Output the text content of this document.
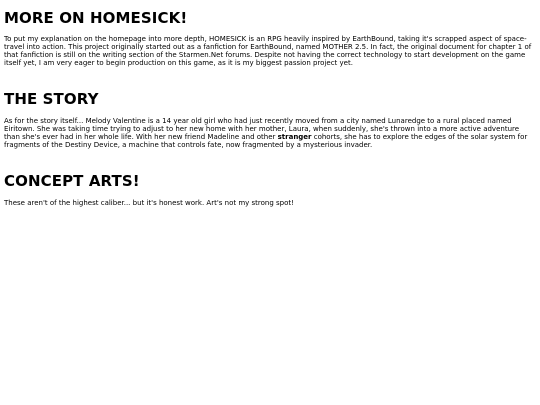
MORE ON HOMESICK!

To put my explanation on the homepage into more depth, HOMESICK is an RPG heavily inspired by EarthBound, taking it's scrapped aspect of space-travel into action. This project originally started out as a fanfiction for EarthBound, named MOTHER 2.5. In fact, the original document for chapter 1 of that fanfiction is still on the writing section of the Starmen.Net forums. Despite not having the correct technology to start development on the game itself yet, I am very eager to begin production on this game, as it is my biggest passion project yet.

THE STORY

As for the story itself... Melody Valentine is a 14 year old girl who had just recently moved from a city named Lunaredge to a rural placed named Eiritown. She was taking time trying to adjust to her new home with her mother, Laura, when suddenly, she's thrown into a more active adventure than she's ever had in her whole life. With her new friend Madeline and other stranger cohorts, she has to explore the edges of the solar system for fragments of the Destiny Device, a machine that controls fate, now fragmented by a mysterious invader.

CONCEPT ARTS!

These aren't of the highest caliber... but it's honest work. Art's not my strong spot!
